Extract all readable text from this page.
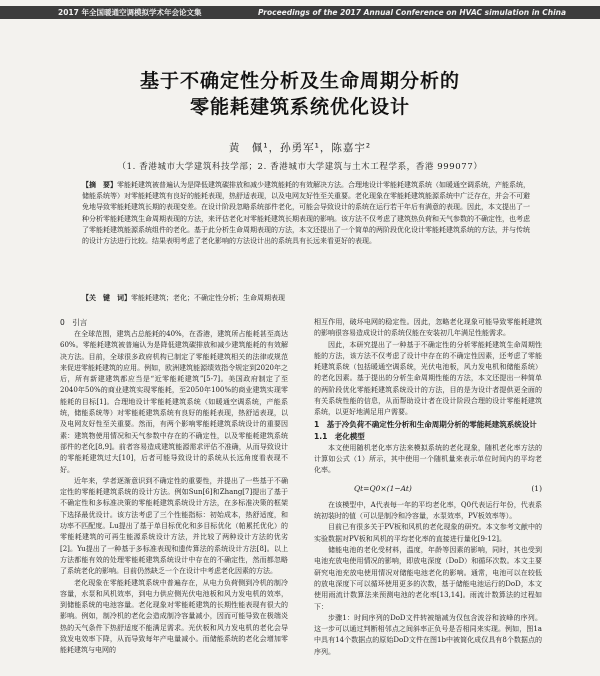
2017 年全国暖通空调模拟学术年会论文集	Proceedings of the 2017 Annual Conference on HVAC simulation in China
基于不确定性分析及生命周期分析的
零能耗建筑系统优化设计
黄　佩¹，孙勇军¹，陈嘉宇²
（1. 香港城市大学建筑科技学部；2. 香港城市大学建筑与土木工程学系，香港 999077）

【摘　要】零能耗建筑被普遍认为是降低建筑碳排放和减少建筑能耗的有效解决方法。合理地设计零能耗建筑系统（如暖通空调系统，产能系统，储能系统等）对零能耗建筑有良好的能耗表现，热舒适表现，以及电网友好性至关重要。老化现象在零能耗建筑能源系统中广泛存在，并会不可避免地导致零能耗建筑长期的表现变差。在设计阶段忽略系统部件老化，可能会导致设计的系统在运行若干年后有满意的表现。因此，本文提出了一种分析零能耗建筑生命周期表现的方法，来评估老化对零能耗建筑长期表现的影响。该方法不仅考虑了建筑热负荷和天气参数的不确定性，也考虑了零能耗建筑能源系统组件的老化。基于此分析生命周期表现的方法，本文还提出了一个简单的两阶段优化设计零能耗建筑系统的方法，并与传统的设计方法进行比较。结果表明考虑了老化影响的方法设计出的系统具有长远来看更好的表现。

【关　键　词】零能耗建筑；老化；不确定性分析；生命周期表现
0　引言

在全球范围，建筑占总能耗的40%，在香港，建筑所占能耗甚至高达60%。零能耗建筑被普遍认为是降低建筑碳排放和减少建筑能耗的有效解决方法。目前，全球很多政府机构已制定了零能耗建筑相关的法律或规范来促进零能耗建筑的应用。例如，欧洲建筑能源绩效指令规定到2020年之后，所有新建建筑都应当是“近零能耗建筑”[5-7]。美国政府制定了至2040年50%的商业建筑实现零能耗，至2050年100%的商业建筑实现零能耗的目标[1]。合理地设计零能耗建筑系统（如暖通空调系统，产能系统，储能系统等）对零能耗建筑系统有良好的能耗表现，热舒适表现，以及电网友好性至关重要。然而，有两个影响零能耗建筑系统设计的重要因素：建筑物使用情况和天气参数中存在的不确定性，以及零能耗建筑系统部件的老化[8,9]。前者容易造成建筑能源需求评估不准确，从而导致设计的零能耗建筑过大[10]，后者可能导致设计的系统从长远角度看表现不好。

近年来，学者逐渐意识到不确定性的重要性，并提出了一些基于不确定性的零能耗建筑系统的设计方法。例如Sun[6]和Zhang[7]提出了基于不确定性和多标准决策的零能耗建筑系统设计方法，在多标准决策的框架下选择最优设计。该方法考虑了三个性能指标：初始成本，热舒适度，和功率不匹配度。Lu提出了基于单目标优化和多目标优化（帕累托优化）的零能耗建筑的可再生能源系统设计方法，并比较了两种设计方法的优劣[2]。Yu提出了一种基于多标准表现和遗传算法的系统设计方法[8]。以上方法都能有效的处理零能耗建筑系统设计中存在的不确定性，然而都忽略了系统老化的影响。目前仍然缺乏一个在设计中考虑老化因素的方法。

老化现象在零能耗建筑系统中普遍存在，从电力负荷侧到冷机的制冷容量，水泵和风机效率，到电力供应侧光伏电池板和风力发电机的效率，到储能系统的电池容量。老化现象对零能耗建筑的长期性能表现有很大的影响。例如，制冷机的老化会造成制冷容量减小，因而可能导致在极端炎热的天气条件下热舒适度不能满足需求。光伏板和风力发电机的老化会导致发电效率下降，从而导致每年产电量减小。而储能系统的老化会增加零能耗建筑与电网的

相互作用，破坏电网的稳定性。因此，忽略老化现象可能导致零能耗建筑的影响很容易造成设计的系统仅能在安装初几年满足性能需求。

因此，本研究提出了一种基于不确定性的分析零能耗建筑生命周期性能的方法，该方法不仅考虑了设计中存在的不确定性因素，还考虑了零能耗建筑系统（包括暖通空调系统，光伏电池板，风力发电机和储能系统）的老化因素。基于提出的分析生命周期性能的方法，本文还提出一种简单的两阶段优化零能耗建筑系统设计的方法，目的是为设计者提供更全面的有关系统性能的信息，从而帮助设计者在设计阶段合理的设计零能耗建筑系统，以更好地满足用户需要。

1　基于冷负荷不确定性分析和生命周期分析的零能耗建筑系统设计
1.1　老化模型

本文使用随机老化率方法来模拟系统的老化现象，随机老化率方法的计算如公式（1）所示，其中使用一个随机量来表示单位时间内的平均老化率。

Qt=Q0×(1−At)	(1)

在该模型中，A代表每一年的平均老化率，Q0代表运行年份，代表系统初装时的值（可以是制冷和冷容量，水泵效率，PV板效率等）。

目前已有很多关于PV板和风机的老化现象的研究。本文参考文献中的实验数据对PV板和风机的平均老化率的直接进行量化[9-12]。

储能电池的老化受材料，温度，年龄等因素的影响，同时，其也受到电池充放电使用情况的影响，即放电深度（DoD）和循环次数。本文主要研究电池充放电使用情况对储能电池老化的影响。通常，电池可以在较低的放电深度下可以循环使用更多的次数，基于储能电池运行的DoD，本文使用雨流计数算法来预测电池的老化率[13,14]。雨流计数算法的过程如下：

步骤1：时间序列的DoD文件转被缩减为仅包含波谷和波峰的序列。这一步可以通过判断相邻点之间斜率正负号是否相同来实现。例如，图1a中具有14个数据点的原始DoD文件在图1b中被简化成仅具有8个数据点的序列。
